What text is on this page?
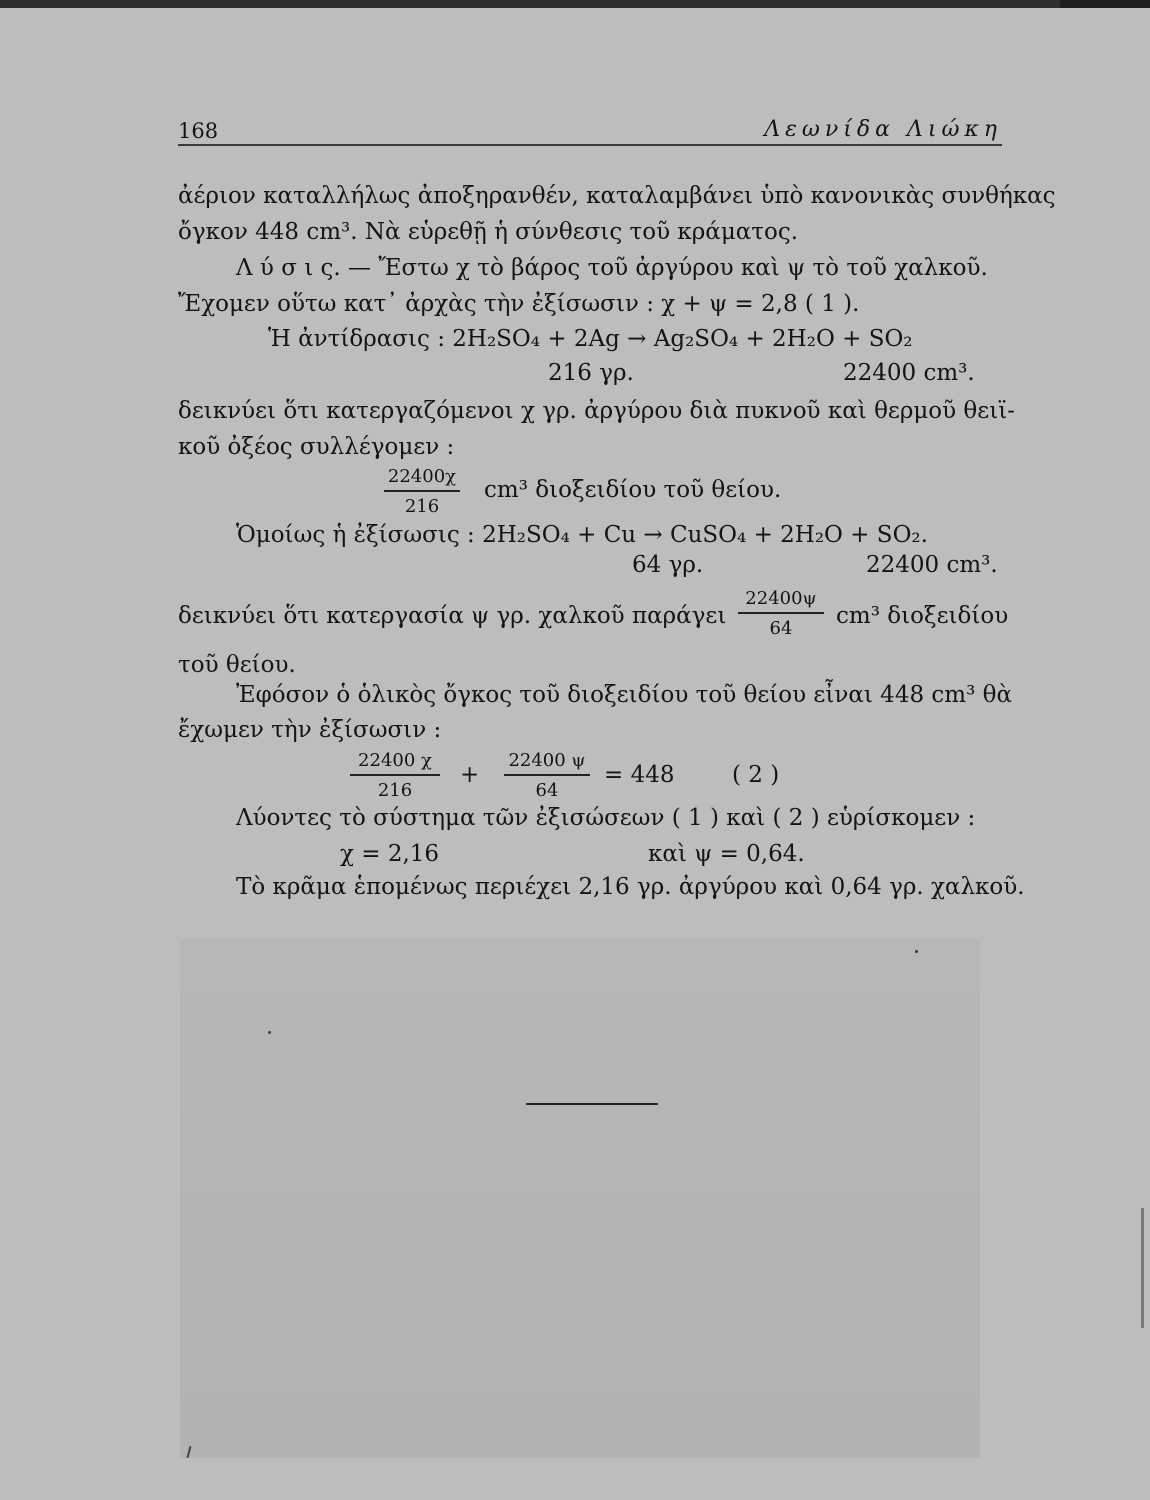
168	Λεωνίδα Λιώκη
ἀέριον καταλλήλως ἀποξηρανθέν, καταλαμβάνει ὑπὸ κανονικὰς συνθήκας
ὄγκον 448 cm³. Νὰ εὑρεθῇ ἡ σύνθεσις τοῦ κράματος.
Λ ύ σ ι ς. — Ἔστω χ τὸ βάρος τοῦ ἀργύρου καὶ ψ τὸ τοῦ χαλκοῦ.
Ἔχομεν οὕτω κατ᾽ ἀρχὰς τὴν ἐξίσωσιν : χ + ψ = 2,8 ( 1 ).
Ἡ ἀντίδρασις : 2H₂SO₄ + 2Ag → Ag₂SO₄ + 2H₂O + SO₂
216 γρ.	22400 cm³.
δεικνύει ὅτι κατεργαζόμενοι χ γρ. ἀργύρου διὰ πυκνοῦ καὶ θερμοῦ θειϊ-
κοῦ ὀξέος συλλέγομεν :
22400χ
216
cm³ διοξειδίου τοῦ θείου.
Ὁμοίως ἡ ἐξίσωσις : 2H₂SO₄ + Cu → CuSO₄ + 2H₂O + SO₂.
64 γρ.	22400 cm³.
δεικνύει ὅτι κατεργασία ψ γρ. χαλκοῦ παράγει
22400ψ
64	cm³ διοξειδίου
τοῦ θείου.
Ἐφόσον ὁ ὁλικὸς ὄγκος τοῦ διοξειδίου τοῦ θείου εἶναι 448 cm³ θὰ
ἔχωμεν τὴν ἐξίσωσιν :
22400 χ
216
+
22400 ψ
64
= 448	( 2 )
Λύοντες τὸ σύστημα τῶν ἐξισώσεων ( 1 ) καὶ ( 2 ) εὑρίσκομεν :
χ = 2,16	καὶ ψ = 0,64.
Τὸ κρᾶμα ἑπομένως περιέχει 2,16 γρ. ἀργύρου καὶ 0,64 γρ. χαλκοῦ.
